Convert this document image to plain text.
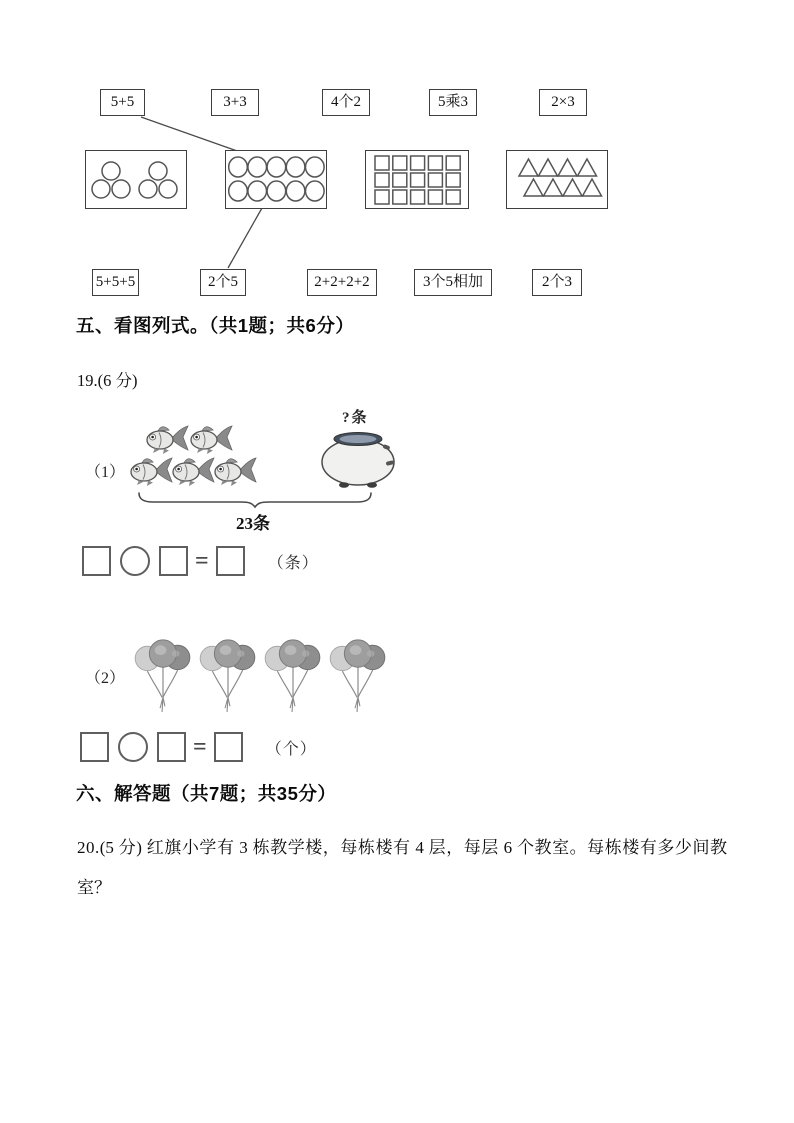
5+5	3+3	4个2	5乘3	2×3
5+5+5	2个5	2+2+2+2	3个5相加	2个3
五、看图列式。（共1题；共6分）
19.(6 分)
（1）
?条
23条
=	（条）
（2）
=	（个）
六、解答题（共7题；共35分）
20.(5 分) 红旗小学有 3 栋教学楼，每栋楼有 4 层，每层 6 个教室。每栋楼有多少间教室？
